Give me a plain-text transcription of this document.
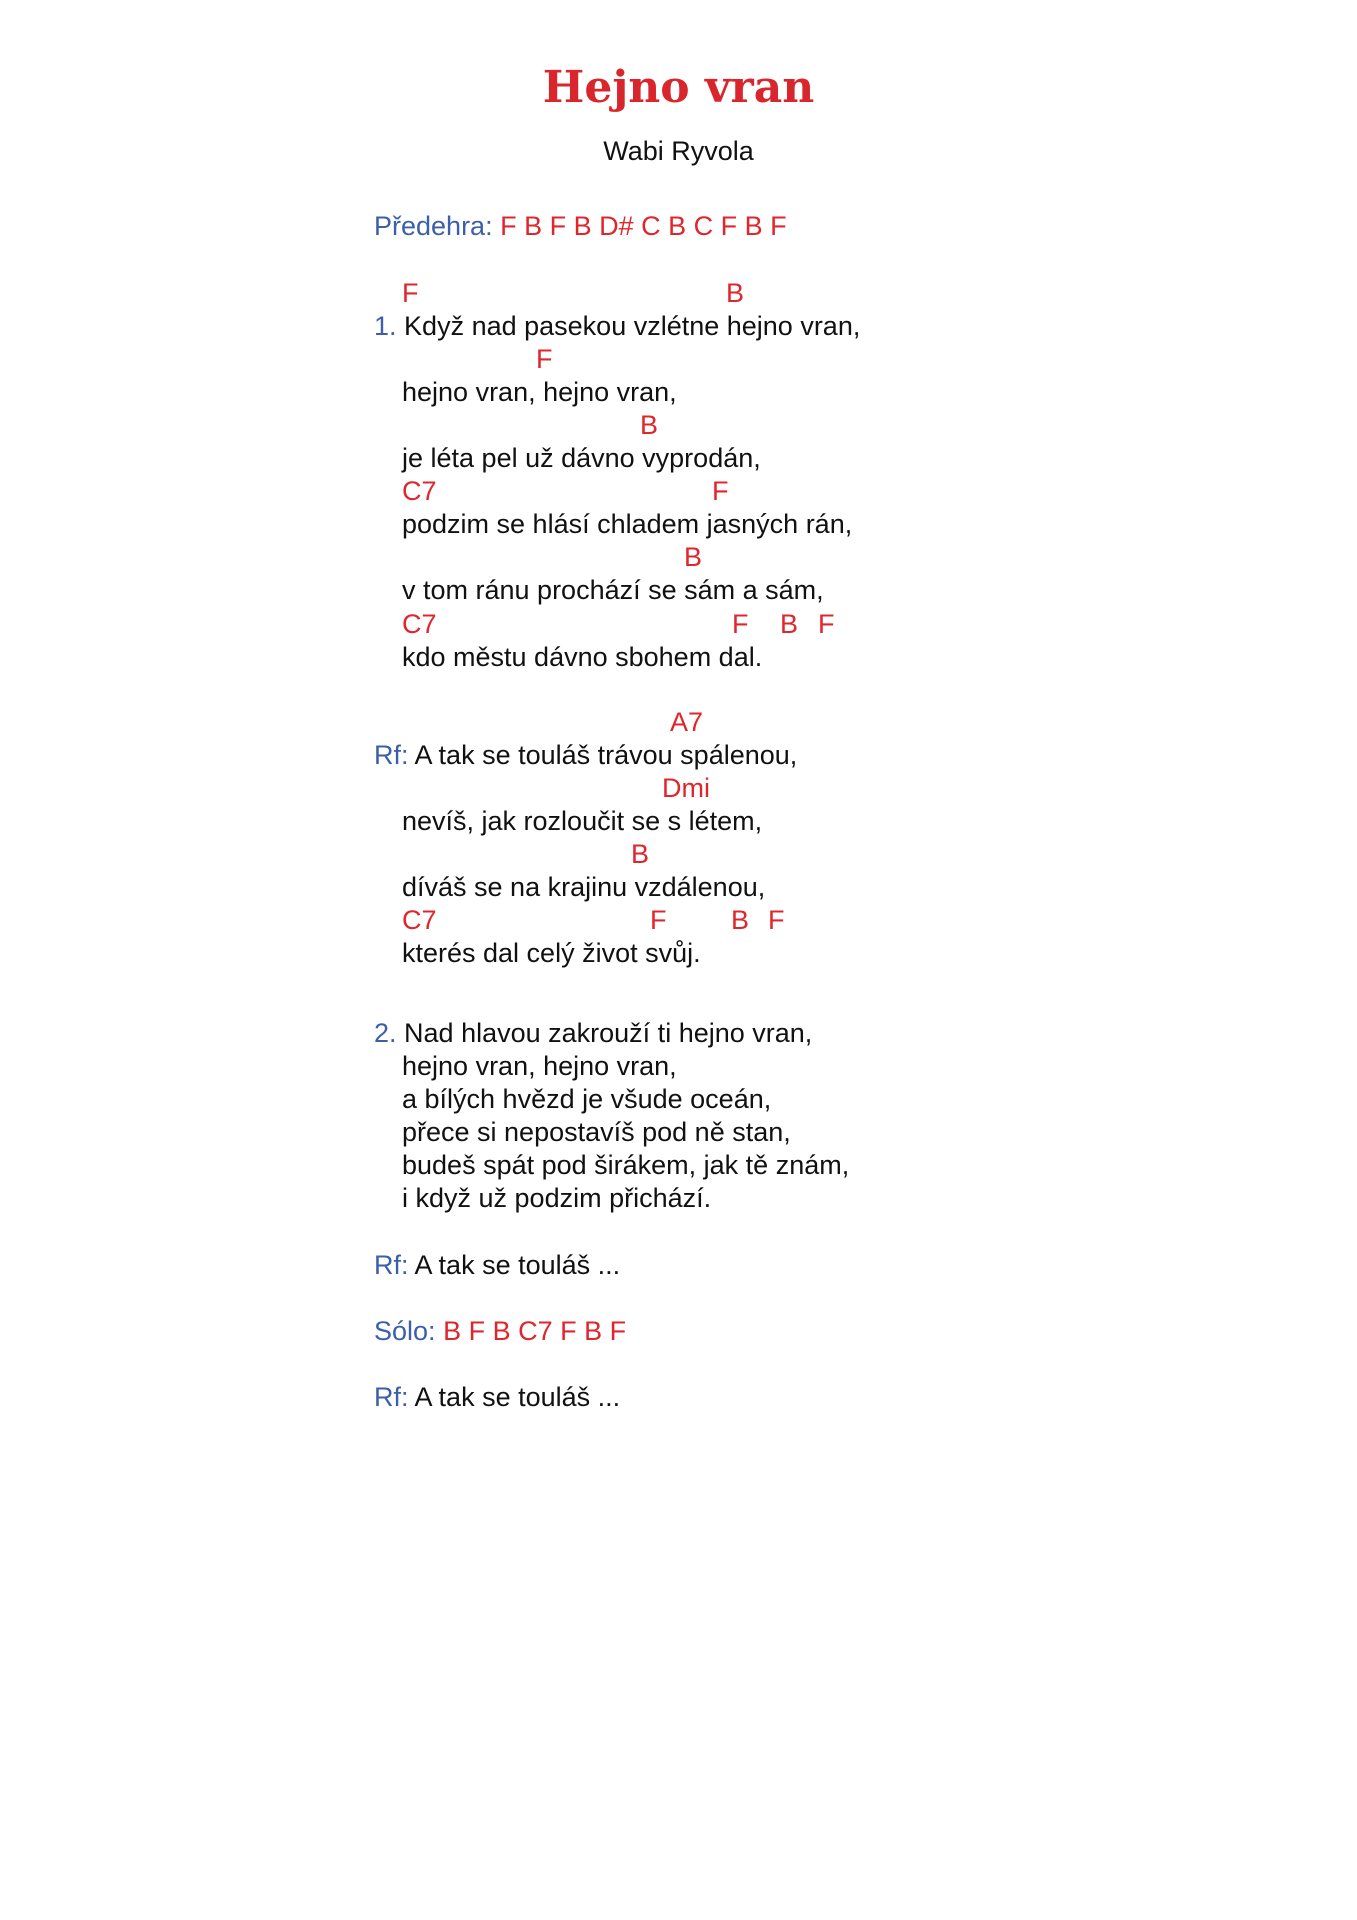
Hejno vran
Wabi Ryvola
Předehra: F B F B D# C B C F B F
F	B
1. Když nad pasekou vzlétne hejno vran,
F
hejno vran, hejno vran,
B
je léta pel už dávno vyprodán,
C7	F
podzim se hlásí chladem jasných rán,
B
v tom ránu prochází se sám a sám,
C7	F B F
kdo městu dávno sbohem dal.
A7
Rf: A tak se touláš trávou spálenou,
Dmi
nevíš, jak rozloučit se s létem,
B
díváš se na krajinu vzdálenou,
C7	F B F
kterés dal celý život svůj.
2. Nad hlavou zakrouží ti hejno vran,
hejno vran, hejno vran,
a bílých hvězd je všude oceán,
přece si nepostavíš pod ně stan,
budeš spát pod širákem, jak tě znám,
i když už podzim přichází.
Rf: A tak se touláš ...
Sólo: B F B C7 F B F
Rf: A tak se touláš ...
